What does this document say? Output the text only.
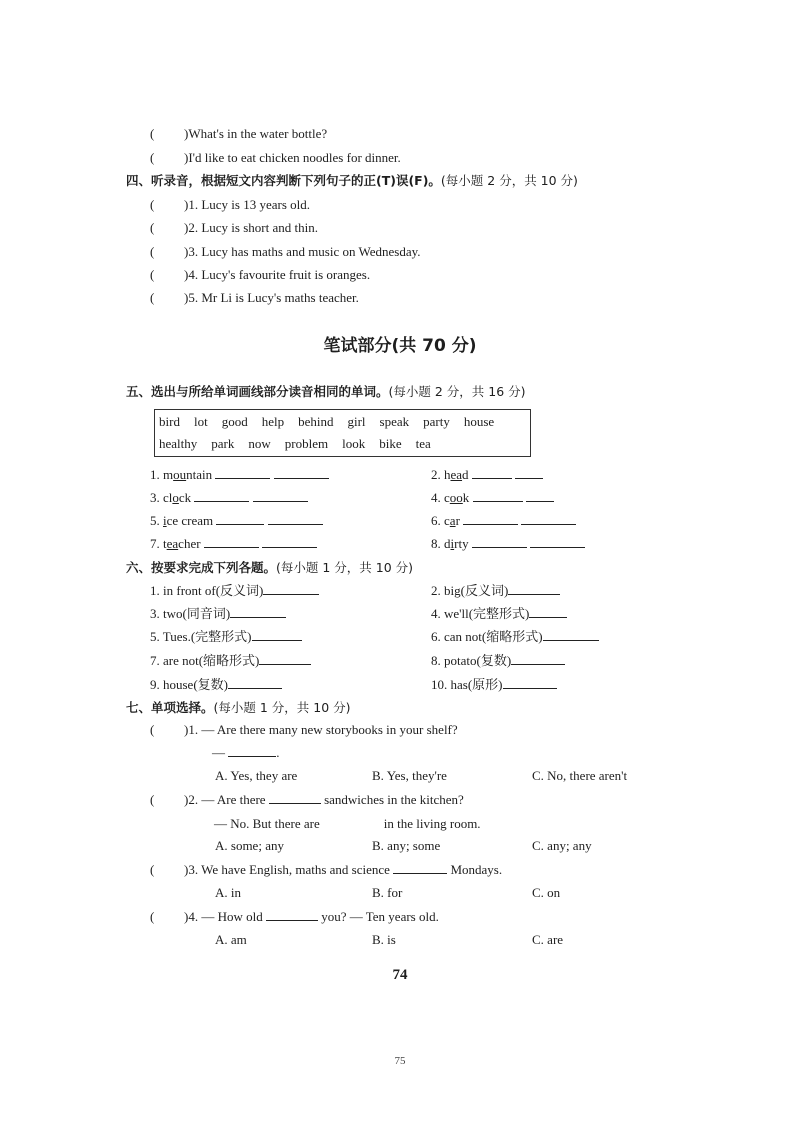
( )What's in the water bottle?
( )I'd like to eat chicken noodles for dinner.
四、听录音，根据短文内容判断下列句子的正(T)误(F)。(每小题 2 分，共 10 分)
( )1. Lucy is 13 years old.
( )2. Lucy is short and thin.
( )3. Lucy has maths and music on Wednesday.
( )4. Lucy's favourite fruit is oranges.
( )5. Mr Li is Lucy's maths teacher.
笔试部分(共 70 分)
五、选出与所给单词画线部分读音相同的单词。(每小题 2 分，共 16 分)
bird lot good help behind girl speak party house
healthy park now problem look bike tea
1. mountain	2. head
3. clock	4. cook
5. ice cream	6. car
7. teacher	8. dirty
六、按要求完成下列各题。(每小题 1 分，共 10 分)
1. in front of(反义词)	2. big(反义词)
3. two(同音词)	4. we'll(完整形式)
5. Tues.(完整形式)	6. can not(缩略形式)
7. are not(缩略形式)	8. potato(复数)
9. house(复数)	10. has(原形)
七、单项选择。(每小题 1 分，共 10 分)
( )1. — Are there many new storybooks in your shelf?
—	.
A. Yes, they are	B. Yes, they're	C. No, there aren't
( )2. — Are there	sandwiches in the kitchen?
— No. But there are	in the living room.
A. some; any	B. any; some	C. any; any
( )3. We have English, maths and science	Mondays.
A. in	B. for	C. on
( )4. — How old	you? — Ten years old.
A. am	B. is	C. are
74
75
